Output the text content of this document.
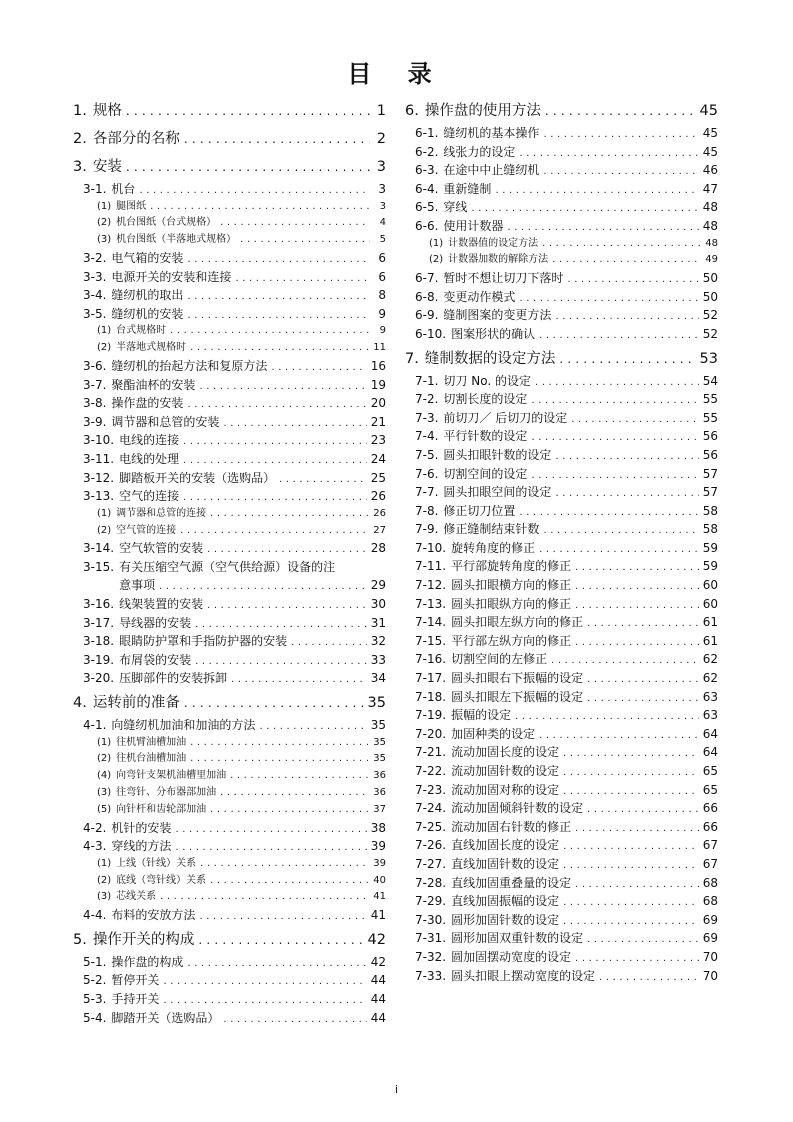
目 录
1. 规格 . . .	1
2. 各部分的名称 . . .	2
3. 安装 . . .	3
3-1. 机台 . . .	3
(1) 腿图纸 . . .	3
(2) 机台图纸（台式规格） . . .	4
(3) 机台图纸（半落地式规格） . . .	5
3-2. 电气箱的安装 . . .	6
3-3. 电源开关的安装和连接 . . .	6
3-4. 缝纫机的取出 . . .	8
3-5. 缝纫机的安装 . . .	9
(1) 台式规格时 . . .	9
(2) 半落地式规格时 . . .	11
3-6. 缝纫机的抬起方法和复原方法 . . .	16
3-7. 聚酯油杯的安装 . . .	19
3-8. 操作盘的安装 . . .	20
3-9. 调节器和总管的安装 . . .	21
3-10. 电线的连接 . . .	23
3-11. 电线的处理 . . .	24
3-12. 脚踏板开关的安装（选购品） . . .	25
3-13. 空气的连接 . . .	26
(1) 调节器和总管的连接 . . .	26
(2) 空气管的连接 . . .	27
3-14. 空气软管的安装 . . .	28
3-15. 有关压缩空气源（空气供给源）设备的注
意事项 . . .	29
3-16. 线架装置的安装 . . .	30
3-17. 导线器的安装 . . .	31
3-18. 眼睛防护罩和手指防护器的安装 . . .	32
3-19. 布屑袋的安装 . . .	33
3-20. 压脚部件的安装拆卸 . . .	34
4. 运转前的准备 . . .	35
4-1. 向缝纫机加油和加油的方法 . . .	35
(1) 往机臂油槽加油 . . .	35
(2) 往机台油槽加油 . . .	35
(4) 向弯针支架机油槽里加油 . . .	36
(3) 往弯针、分布器部加油 . . .	36
(5) 向针杆和齿轮部加油 . . .	37
4-2. 机针的安装 . . .	38
4-3. 穿线的方法 . . .	39
(1) 上线（针线）关系 . . .	39
(2) 底线（弯针线）关系 . . .	40
(3) 芯线关系 . . .	41
4-4. 布料的安放方法 . . .	41
5. 操作开关的构成 . . .	42
5-1. 操作盘的构成 . . .	42
5-2. 暂停开关 . . .	44
5-3. 手持开关 . . .	44
5-4. 脚踏开关（选购品） . . .	44
6. 操作盘的使用方法 . . .	45
6-1. 缝纫机的基本操作 . . .	45
6-2. 线张力的设定 . . .	45
6-3. 在途中中止缝纫机 . . .	46
6-4. 重新缝制 . . .	47
6-5. 穿线 . . .	48
6-6. 使用计数器 . . .	48
(1) 计数器值的设定方法 . . .	48
(2) 计数器加数的解除方法 . . .	49
6-7. 暂时不想让切刀下落时 . . .	50
6-8. 变更动作模式 . . .	50
6-9. 缝制图案的变更方法 . . .	52
6-10. 图案形状的确认 . . .	52
7. 缝制数据的设定方法 . . .	53
7-1. 切刀 No. 的设定 . . .	54
7-2. 切割长度的设定 . . .	55
7-3. 前切刀／ 后切刀的设定 . . .	55
7-4. 平行针数的设定 . . .	56
7-5. 圆头扣眼针数的设定 . . .	56
7-6. 切割空间的设定 . . .	57
7-7. 圆头扣眼空间的设定 . . .	57
7-8. 修正切刀位置 . . .	58
7-9. 修正缝制结束针数 . . .	58
7-10. 旋转角度的修正 . . .	59
7-11. 平行部旋转角度的修正 . . .	59
7-12. 圆头扣眼横方向的修正 . . .	60
7-13. 圆头扣眼纵方向的修正 . . .	60
7-14. 圆头扣眼左纵方向的修正 . . .	61
7-15. 平行部左纵方向的修正 . . .	61
7-16. 切割空间的左修正 . . .	62
7-17. 圆头扣眼右下振幅的设定 . . .	62
7-18. 圆头扣眼左下振幅的设定 . . .	63
7-19. 振幅的设定 . . .	63
7-20. 加固种类的设定 . . .	64
7-21. 流动加固长度的设定 . . .	64
7-22. 流动加固针数的设定 . . .	65
7-23. 流动加固对称的设定 . . .	65
7-24. 流动加固倾斜针数的设定 . . .	66
7-25. 流动加固右针数的修正 . . .	66
7-26. 直线加固长度的设定 . . .	67
7-27. 直线加固针数的设定 . . .	67
7-28. 直线加固重叠量的设定 . . .	68
7-29. 直线加固振幅的设定 . . .	68
7-30. 圆形加固针数的设定 . . .	69
7-31. 圆形加固双重针数的设定 . . .	69
7-32. 圆加固摆动宽度的设定 . . .	70
7-33. 圆头扣眼上摆动宽度的设定 . . .	70
i
